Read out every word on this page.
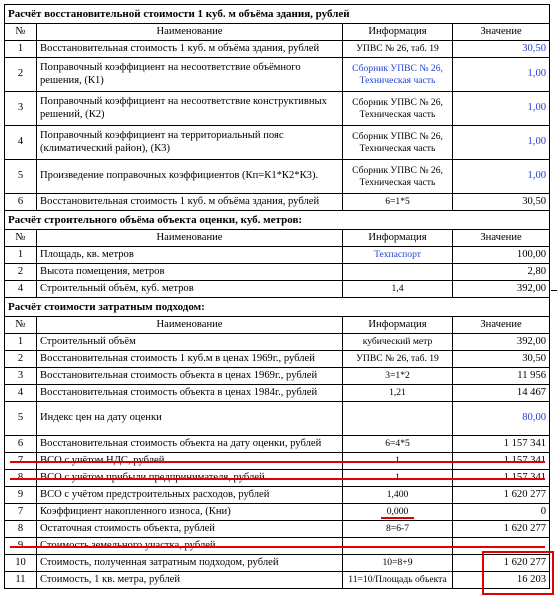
Расчёт восстановительной стоимости 1 куб. м объёма здания, рублей				
№	Наименование	Информация	Значение	
1	Восстановительная стоимость 1 куб. м объёма здания, рублей	УПВС № 26, таб. 19	30,50	
2	Поправочный коэффициент на несоответствие объёмного решения, (К1)	Сборник УПВС № 26, Техническая часть	1,00	
3	Поправочный коэффициент на несоответствие конструктивных решений, (К2)	Сборник УПВС № 26, Техническая часть	1,00	
4	Поправочный коэффициент на территориальный пояс (климатический район), (К3)	Сборник УПВС № 26, Техническая часть	1,00	
5	Произведение поправочных коэффициентов (Кп=К1*К2*К3).	Сборник УПВС № 26, Техническая часть	1,00	
6	Восстановительная стоимость 1 куб. м объёма здания, рублей	6=1*5	30,50	
Расчёт строительного объёма объекта оценки, куб. метров:				
№	Наименование	Информация	Значение	
1	Площадь, кв. метров	Техпаспорт	100,00	
2	Высота помещения, метров		2,80	
4	Строительный объём, куб. метров	1,4	392,00	
Расчёт стоимости затратным подходом:				
№	Наименование	Информация	Значение	
1	Строительный объём	кубический метр	392,00	
2	Восстановительная стоимость 1 куб.м в ценах 1969г., рублей	УПВС № 26, таб. 19	30,50	
3	Восстановительная стоимость объекта в ценах 1969г., рублей	3=1*2	11 956	
4	Восстановительная стоимость объекта в ценах 1984г., рублей	1,21	14 467	
5	Индекс цен на дату оценки		80,00	
6	Восстановительная стоимость объекта на дату оценки, рублей	6=4*5	1 157 341	
7	ВСО с учётом НДС, рублей	1	1 157 341	
8	ВСО с учётом прибыли предпринимателя, рублей	1	1 157 341	
9	ВСО с учётом предстроительных расходов, рублей	1,400	1 620 277	
7	Коэффициент накопленного износа, (Кни)	0,000	0	
8	Остаточная стоимость объекта, рублей	8=6-7	1 620 277	
9	Стоимость земельного участка, рублей			
10	Стоимость, полученная затратным подходом, рублей	10=8+9	1 620 277	
11	Стоимость, 1 кв. метра, рублей	11=10/Площадь объекта	16 203	
